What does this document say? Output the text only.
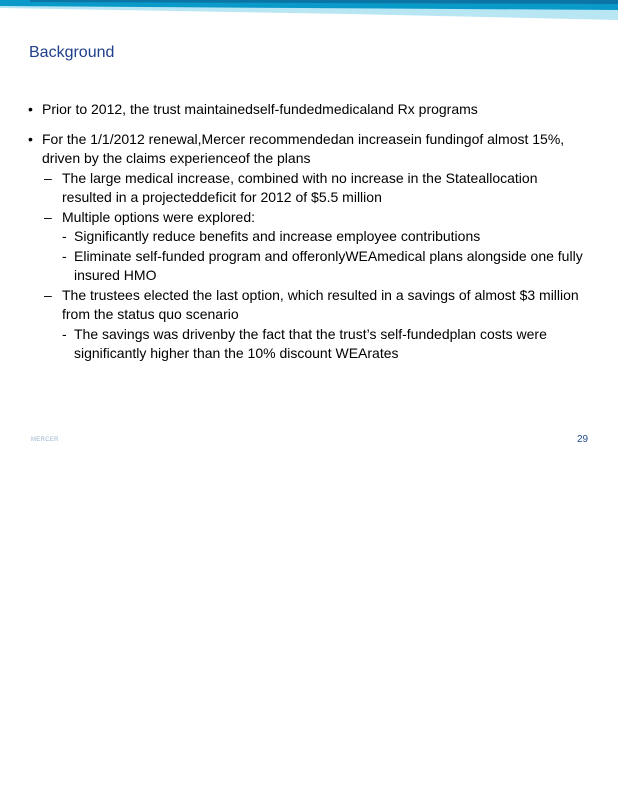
Background

• Prior to 2012, the trust maintainedself-fundedmedicaland Rx programs

• For the 1/1/2012 renewal,Mercer recommendedan increasein fundingof almost 15%, driven by the claims experienceof the plans

– The large medical increase, combined with no increase in the Stateallocation resulted in a projecteddeficit for 2012 of $5.5 million

– Multiple options were explored:

- Significantly reduce benefits and increase employee contributions

- Eliminate self-funded program and offeronlyWEAmedical plans alongside one fully insured HMO

– The trustees elected the last option, which resulted in a savings of almost $3 million from the status quo scenario

- The savings was drivenby the fact that the trust’s self-fundedplan costs were significantly higher than the 10% discount WEArates

MERCER	29
